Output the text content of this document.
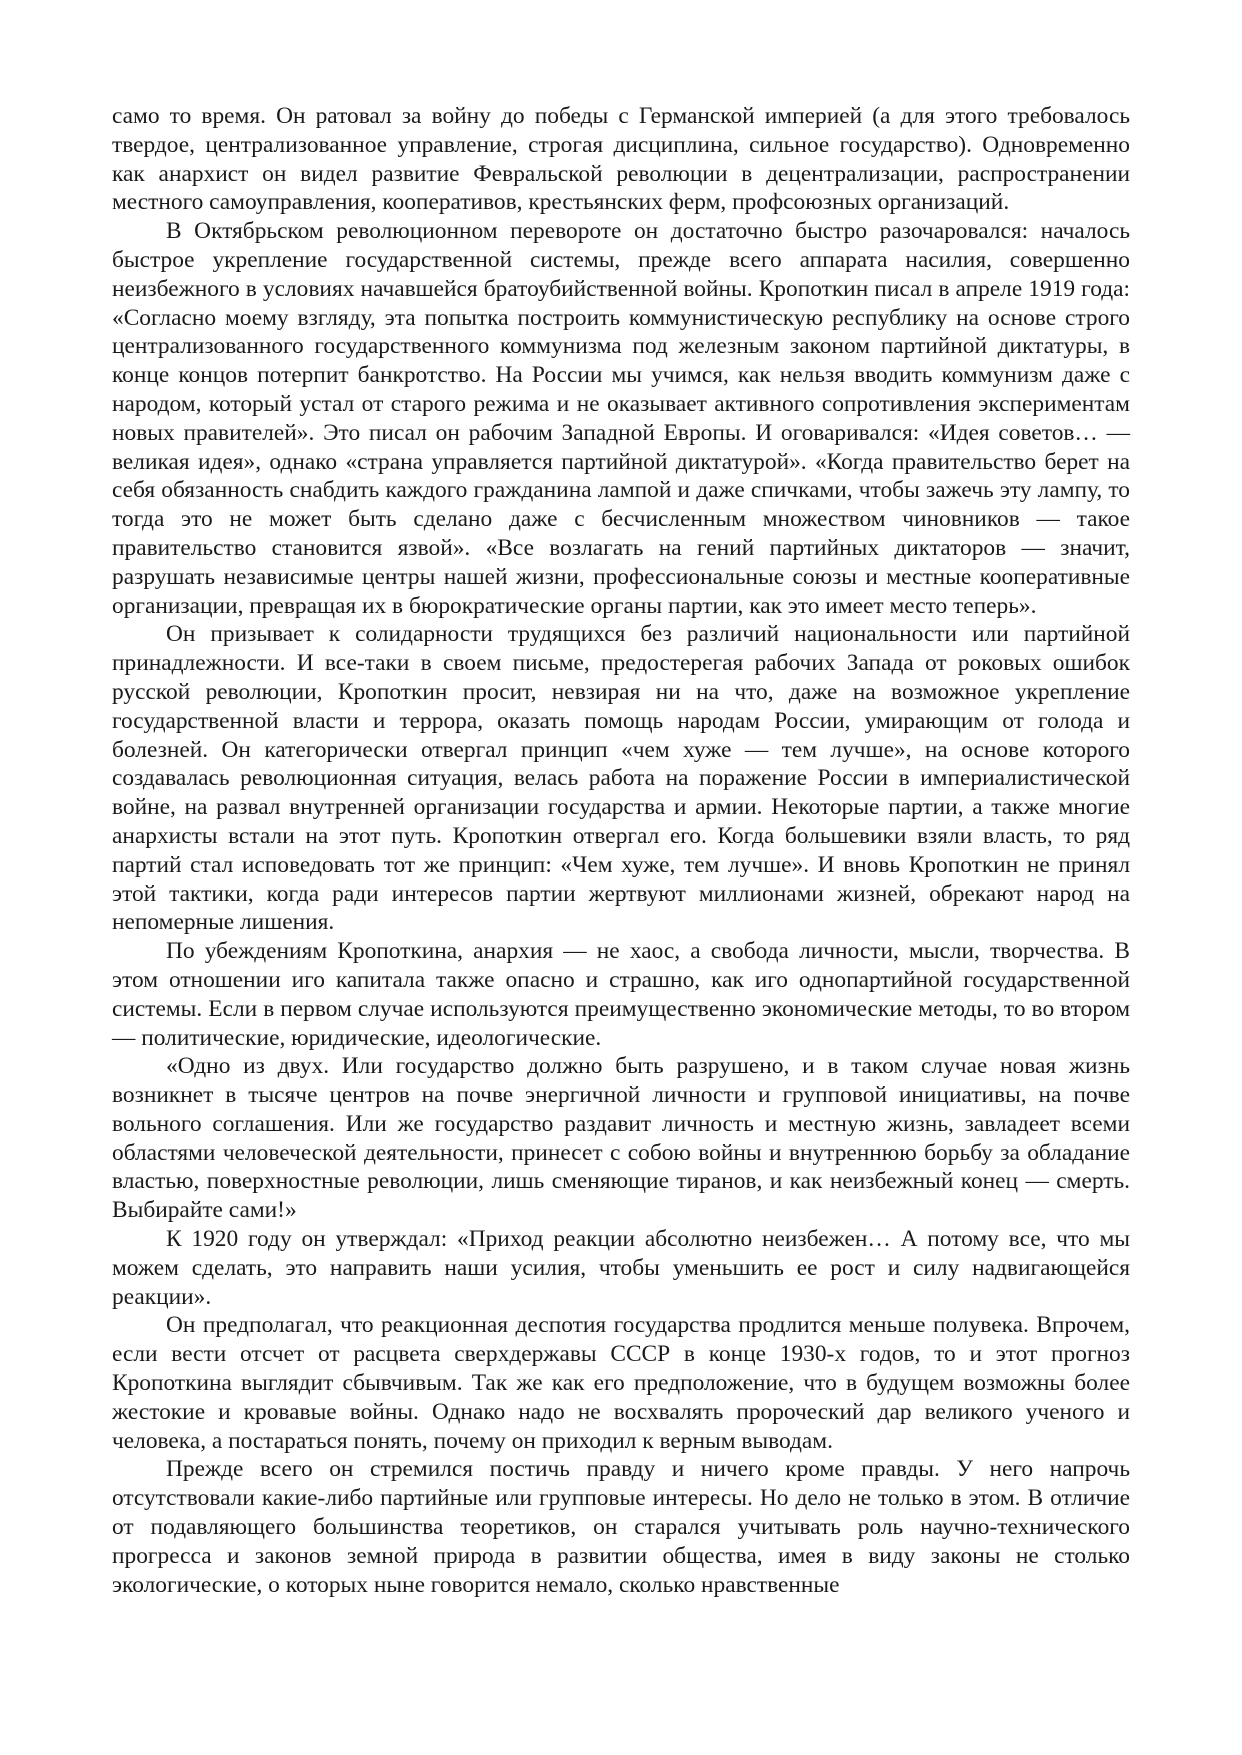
само то время. Он ратовал за войну до победы с Германской империей (а для этого требовалось твердое, централизованное управление, строгая дисциплина, сильное государство). Одновременно как анархист он видел развитие Февральской революции в децентрализации, распространении местного самоуправления, кооперативов, крестьянских ферм, профсоюзных организаций.

В Октябрьском революционном перевороте он достаточно быстро разочаровался: началось быстрое укрепление государственной системы, прежде всего аппарата насилия, совершенно неизбежного в условиях начавшейся братоубийственной войны. Кропоткин писал в апреле 1919 года: «Согласно моему взгляду, эта попытка построить коммунистическую республику на основе строго централизованного государственного коммунизма под железным законом партийной диктатуры, в конце концов потерпит банкротство. На России мы учимся, как нельзя вводить коммунизм даже с народом, который устал от старого режима и не оказывает активного сопротивления экспериментам новых правителей». Это писал он рабочим Западной Европы. И оговаривался: «Идея советов… — великая идея», однако «страна управляется партийной диктатурой». «Когда правительство берет на себя обязанность снабдить каждого гражданина лампой и даже спичками, чтобы зажечь эту лампу, то тогда это не может быть сделано даже с бесчисленным множеством чиновников — такое правительство становится язвой». «Все возлагать на гений партийных диктаторов — значит, разрушать независимые центры нашей жизни, профессиональные союзы и местные кооперативные организации, превращая их в бюрократические органы партии, как это имеет место теперь».

Он призывает к солидарности трудящихся без различий национальности или партийной принадлежности. И все-таки в своем письме, предостерегая рабочих Запада от роковых ошибок русской революции, Кропоткин просит, невзирая ни на что, даже на возможное укрепление государственной власти и террора, оказать помощь народам России, умирающим от голода и болезней. Он категорически отвергал принцип «чем хуже — тем лучше», на основе которого создавалась революционная ситуация, велась работа на поражение России в империалистической войне, на развал внутренней организации государства и армии. Некоторые партии, а также многие анархисты встали на этот путь. Кропоткин отвергал его. Когда большевики взяли власть, то ряд партий стал исповедовать тот же принцип: «Чем хуже, тем лучше». И вновь Кропоткин не принял этой тактики, когда ради интересов партии жертвуют миллионами жизней, обрекают народ на непомерные лишения.

По убеждениям Кропоткина, анархия — не хаос, а свобода личности, мысли, творчества. В этом отношении иго капитала также опасно и страшно, как иго однопартийной государственной системы. Если в первом случае используются преимущественно экономические методы, то во втором — политические, юридические, идеологические.

«Одно из двух. Или государство должно быть разрушено, и в таком случае новая жизнь возникнет в тысяче центров на почве энергичной личности и групповой инициативы, на почве вольного соглашения. Или же государство раздавит личность и местную жизнь, завладеет всеми областями человеческой деятельности, принесет с собою войны и внутреннюю борьбу за обладание властью, поверхностные революции, лишь сменяющие тиранов, и как неизбежный конец — смерть. Выбирайте сами!»

К 1920 году он утверждал: «Приход реакции абсолютно неизбежен… А потому все, что мы можем сделать, это направить наши усилия, чтобы уменьшить ее рост и силу надвигающейся реакции».

Он предполагал, что реакционная деспотия государства продлится меньше полувека. Впрочем, если вести отсчет от расцвета сверхдержавы СССР в конце 1930-х годов, то и этот прогноз Кропоткина выглядит сбывчивым. Так же как его предположение, что в будущем возможны более жестокие и кровавые войны. Однако надо не восхвалять пророческий дар великого ученого и человека, а постараться понять, почему он приходил к верным выводам.

Прежде всего он стремился постичь правду и ничего кроме правды. У него напрочь отсутствовали какие-либо партийные или групповые интересы. Но дело не только в этом. В отличие от подавляющего большинства теоретиков, он старался учитывать роль научно-технического прогресса и законов земной природа в развитии общества, имея в виду законы не столько экологические, о которых ныне говорится немало, сколько нравственные
